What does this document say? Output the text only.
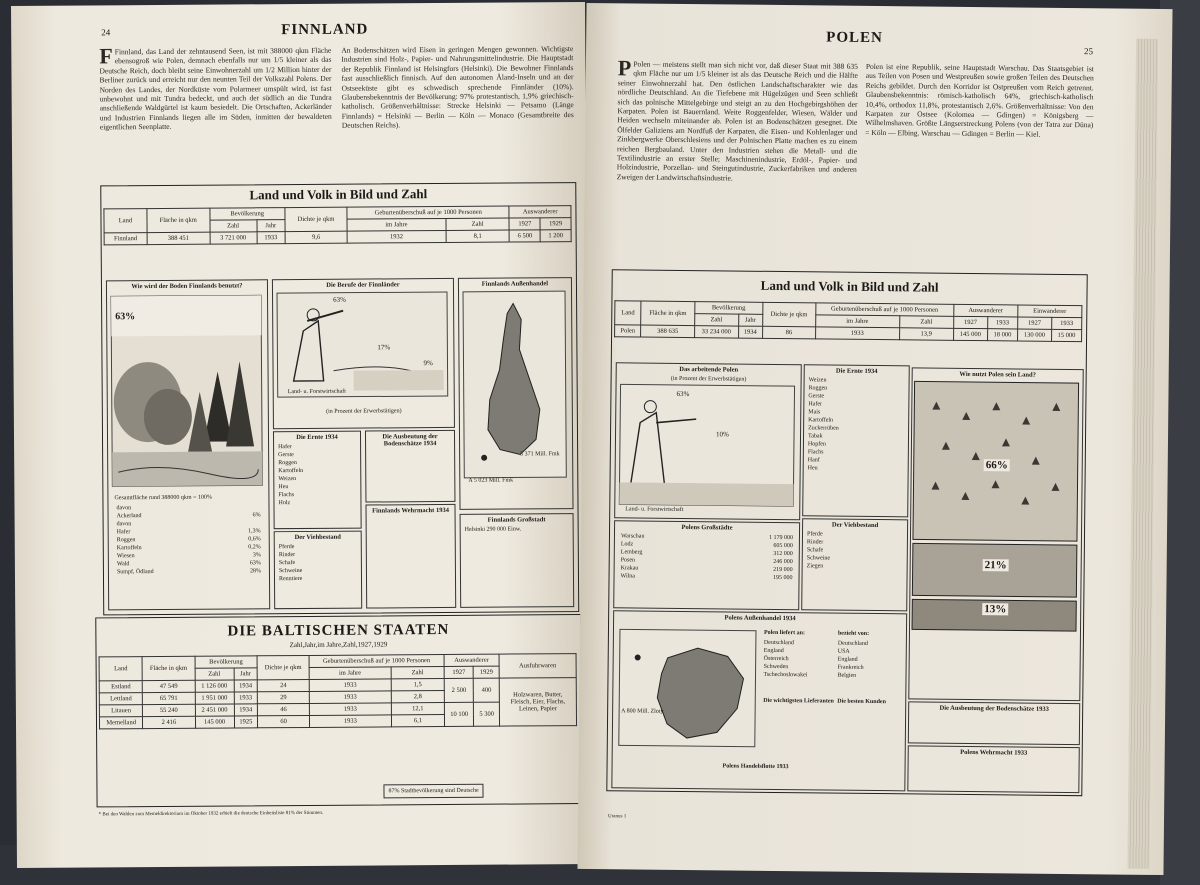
24	FINNLAND
F Finnland, das Land der zehntausend Seen, ist mit 388000 qkm Fläche ebensogroß wie Polen, demnach ebenfalls nur um 1/5 kleiner als das Deutsche Reich, doch bleibt seine Einwohnerzahl um 1/2 Million hinter der Berliner zurück und erreicht nur den neunten Teil der Volkszahl Polens. Der Norden des Landes, der Nordküste vom Polarmeer umspült wird, ist fast unbewohnt und mit Tundra bedeckt, und auch der südlich an die Tundra anschließende Waldgürtel ist kaum besiedelt. Die Ortschaften, Ackerländer und Industrien Finnlands liegen alle im Süden, inmitten der bewaldeten eigentlichen Seenplatte.
An Bodenschätzen wird Eisen in geringen Mengen gewonnen. Wichtigste Industrien sind Holz-, Papier- und Nahrungsmittelindustrie. Die Hauptstadt der Republik Finnland ist Helsingfors (Helsinki). Die Bewohner Finnlands fast ausschließlich finnisch. Auf den autonomen Åland-Inseln und an der Ostseeküste gibt es schwedisch sprechende Finnländer (10%). Glaubensbekenntnis der Bevölkerung: 97% protestantisch, 1,9% griechisch-katholisch. Größenverhältnisse: Strecke Helsinki — Petsamo (Länge Finnlands) = Helsinki — Berlin — Köln — Monaco (Gesamtbreite des Deutschen Reichs).
Land und Volk in Bild und Zahl
Land	Fläche in qkm	Bevölkerung		Dichte je qkm	Geburtenüberschuß auf je 1000 Personen		Auswanderer	
		Zahl	Jahr		im Jahre	Zahl	1927	1929
Finnland	388 451	3 721 000	1933	9,6	1932	8,1	6 500	1 200
Wie wird der Boden Finnlands benutzt?
63%
Gesamtfläche rund 388000 qkm = 100%
davon
Ackerland	6%
davon
Hafer	1,3%
Roggen	0,6%
Kartoffeln	0,2%
Wiesen	3%
Wald	63%
Sumpf, Ödland	28%
Die Berufe der Finnländer
63%
17%
9%
Land- u. Forstwirtschaft
(in Prozent der Erwerbstätigen)
Finnlands Außenhandel
5 371 Mill. Fmk
A 5 023 Mill. Fmk
Die Ernte 1934
Hafer
Gerste
Roggen
Kartoffeln
Weizen
Heu
Flachs
Holz
Die Ausbeutung der Bodenschätze 1934
Der Viehbestand
Pferde
Rinder
Schafe
Schweine
Renntiere
Finnlands Wehrmacht 1934
Finnlands Großstadt
Helsinki 290 000 Einw.
DIE BALTISCHEN STAATEN
Zahl,Jahr,im Jahre,Zahl,1927,1929
Land	Fläche in qkm	Bevölkerung		Dichte je qkm	Geburtenüberschuß auf je 1000 Personen		Auswanderer		Ausfuhrwaren
		Zahl	Jahr		im Jahre	Zahl	1927	1929	
Estland	47 549	1 126 000	1934	24	1933	1,5	2 500	400	Holzwaren, Butter, Fleisch, Eier, Flachs, Leinen, Papier
Lettland	65 791	1 951 000	1933	29	1933	2,8			
Litauen	55 240	2 451 000	1934	46	1933	12,1	10 100	5 300	
Memelland	2 416	145 000	1925	60	1933	6,1			
87% Stadtbevölkerung sind Deutsche
* Bei den Wahlen zum Memeldirektorium im Oktober 1932 erhielt die deutsche Einheitsliste 81% der Stimmen.
POLEN
25
P Polen — meistens stellt man sich nicht vor, daß dieser Staat mit 388 635 qkm Fläche nur um 1/5 kleiner ist als das Deutsche Reich und die Hälfte seiner Einwohnerzahl hat. Den östlichen Landschaftscharakter wie das nördliche Deutschland. An die Tiefebene mit Hügelzügen und Seen schließt sich das polnische Mittelgebirge und steigt an zu den Hochgebirgshöhen der Karpaten. Polen ist Bauernland. Weite Roggenfelder, Wiesen, Wälder und Heiden wechseln miteinander ab. Polen ist an Bodenschätzen gesegnet. Die Ölfelder Galiziens am Nordfuß der Karpaten, die Eisen- und Kohlenlager und Zinkbergwerke Oberschlesiens und der Polnischen Platte machen es zu einem reichen Bergbauland. Unter den Industrien stehen die Metall- und die Textilindustrie an erster Stelle; Maschinenindustrie, Erdöl-, Papier- und Holzindustrie, Porzellan- und Steingutindustrie, Zuckerfabriken und anderen Zweigen der Landwirtschaftsindustrie.
Polen ist eine Republik, seine Hauptstadt Warschau. Das Staatsgebiet ist aus Teilen von Posen und Westpreußen sowie großen Teilen des Deutschen Reichs gebildet. Durch den Korridor ist Ostpreußen vom Reich getrennt. Glaubensbekenntnis: römisch-katholisch 64%, griechisch-katholisch 10,4%, orthodox 11,8%, protestantisch 2,6%. Größenverhältnisse: Von den Karpaten zur Ostsee (Kolomea — Gdingen) = Königsberg — Wilhelmshaven. Größte Längserstreckung Polens (von der Tatra zur Düna) = Köln — Elbing. Warschau — Gdingen = Berlin — Kiel.
Land und Volk in Bild und Zahl
Land	Fläche in qkm	Bevölkerung		Dichte je qkm	Geburtenüberschuß auf je 1000 Personen		Auswanderer		Einwanderer	
		Zahl	Jahr		im Jahre	Zahl	1927	1933	1927	1933
Polen	388 635	33 234 000	1934	86	1933	13,9	145 000	18 000	130 000	15 000
Das arbeitende Polen
(in Prozent der Erwerbstätigen)
63%
10%
Land- u. Forstwirtschaft
Die Ernte 1934
Weizen
Roggen
Gerste
Hafer
Mais
Kartoffeln
Zuckerrüben
Tabak
Hopfen
Flachs
Hanf
Heu
Wie nutzt Polen sein Land?
66%
21%
13%
Polens Großstädte
Warschau	1 179 000
Lodz	605 000
Lemberg	312 000
Posen	246 000
Krakau	219 000
Wilna	195 000
Der Viehbestand
Pferde
Rinder
Schafe
Schweine
Ziegen
Polens Außenhandel 1934
A 800 Mill. Zloty
Polen liefert an:
Deutschland
England
Österreich
Schweden
Tschechoslowakei
bezieht von:
Deutschland
USA
England
Frankreich
Belgien
Die wichtigsten Lieferanten Die besten Kunden
Polens Handelsflotte 1933
Die Ausbeutung der Bodenschätze 1933
Polens Wehrmacht 1933
Uranus 1
